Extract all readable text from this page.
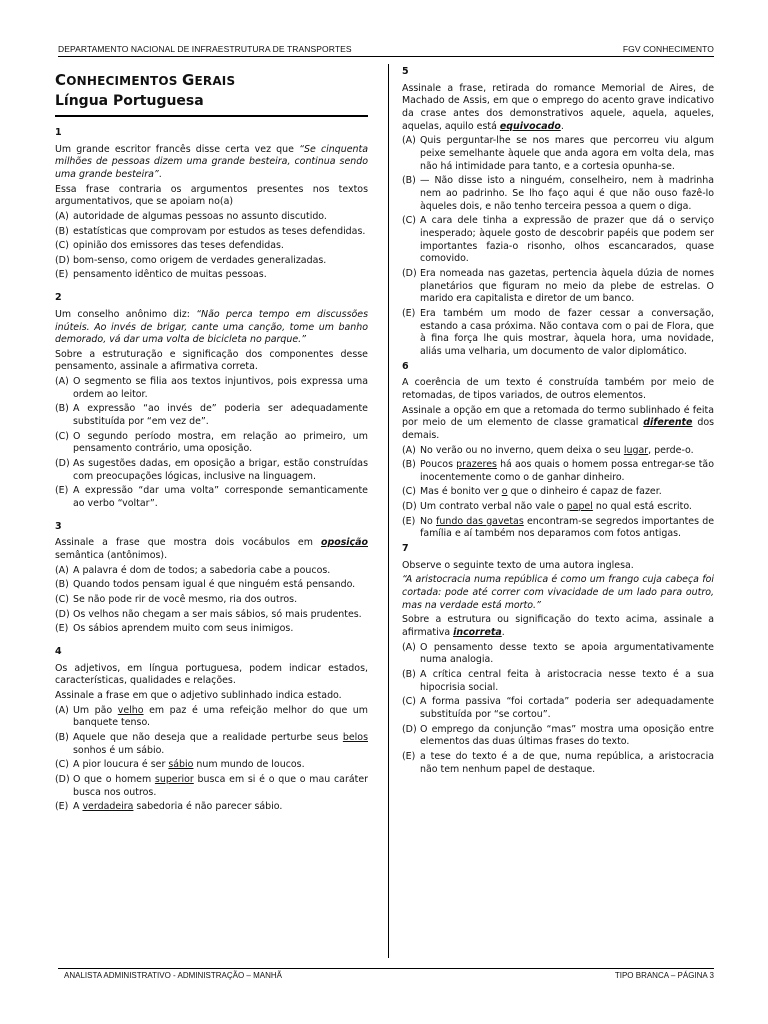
DEPARTAMENTO NACIONAL DE INFRAESTRUTURA DE TRANSPORTES	FGV CONHECIMENTO
CONHECIMENTOS GERAIS
Língua Portuguesa
1

Um grande escritor francês disse certa vez que “Se cinquenta milhões de pessoas dizem uma grande besteira, continua sendo uma grande besteira”.

Essa frase contraria os argumentos presentes nos textos argumentativos, que se apoiam no(a)

(A) autoridade de algumas pessoas no assunto discutido.
(B) estatísticas que comprovam por estudos as teses defendidas.
(C) opinião dos emissores das teses defendidas.
(D) bom-senso, como origem de verdades generalizadas.
(E) pensamento idêntico de muitas pessoas.
2

Um conselho anônimo diz: “Não perca tempo em discussões inúteis. Ao invés de brigar, cante uma canção, tome um banho demorado, vá dar uma volta de bicicleta no parque.”

Sobre a estruturação e significação dos componentes desse pensamento, assinale a afirmativa correta.

(A) O segmento se filia aos textos injuntivos, pois expressa uma ordem ao leitor.
(B) A expressão “ao invés de” poderia ser adequadamente substituída por “em vez de”.
(C) O segundo período mostra, em relação ao primeiro, um pensamento contrário, uma oposição.
(D) As sugestões dadas, em oposição a brigar, estão construídas com preocupações lógicas, inclusive na linguagem.
(E) A expressão “dar uma volta” corresponde semanticamente ao verbo “voltar”.
3

Assinale a frase que mostra dois vocábulos em oposição semântica (antônimos).

(A) A palavra é dom de todos; a sabedoria cabe a poucos.
(B) Quando todos pensam igual é que ninguém está pensando.
(C) Se não pode rir de você mesmo, ria dos outros.
(D) Os velhos não chegam a ser mais sábios, só mais prudentes.
(E) Os sábios aprendem muito com seus inimigos.
4

Os adjetivos, em língua portuguesa, podem indicar estados, características, qualidades e relações.

Assinale a frase em que o adjetivo sublinhado indica estado.

(A) Um pão velho em paz é uma refeição melhor do que um banquete tenso.
(B) Aquele que não deseja que a realidade perturbe seus belos sonhos é um sábio.
(C) A pior loucura é ser sábio num mundo de loucos.
(D) O que o homem superior busca em si é o que o mau caráter busca nos outros.
(E) A verdadeira sabedoria é não parecer sábio.
5

Assinale a frase, retirada do romance Memorial de Aires, de Machado de Assis, em que o emprego do acento grave indicativo da crase antes dos demonstrativos aquele, aquela, aqueles, aquelas, aquilo está equivocado.

(A) Quis perguntar-lhe se nos mares que percorreu viu algum peixe semelhante àquele que anda agora em volta dela, mas não há intimidade para tanto, e a cortesia opunha-se.
(B) — Não disse isto a ninguém, conselheiro, nem à madrinha nem ao padrinho. Se lho faço aqui é que não ouso fazê-lo àqueles dois, e não tenho terceira pessoa a quem o diga.
(C) A cara dele tinha a expressão de prazer que dá o serviço inesperado; àquele gosto de descobrir papéis que podem ser importantes fazia-o risonho, olhos escancarados, quase comovido.
(D) Era nomeada nas gazetas, pertencia àquela dúzia de nomes planetários que figuram no meio da plebe de estrelas. O marido era capitalista e diretor de um banco.
(E) Era também um modo de fazer cessar a conversação, estando a casa próxima. Não contava com o pai de Flora, que à fina força lhe quis mostrar, àquela hora, uma novidade, aliás uma velharia, um documento de valor diplomático.
6

A coerência de um texto é construída também por meio de retomadas, de tipos variados, de outros elementos.

Assinale a opção em que a retomada do termo sublinhado é feita por meio de um elemento de classe gramatical diferente dos demais.

(A) No verão ou no inverno, quem deixa o seu lugar, perde-o.
(B) Poucos prazeres há aos quais o homem possa entregar-se tão inocentemente como o de ganhar dinheiro.
(C) Mas é bonito ver o que o dinheiro é capaz de fazer.
(D) Um contrato verbal não vale o papel no qual está escrito.
(E) No fundo das gavetas encontram-se segredos importantes de família e aí também nos deparamos com fotos antigas.
7

Observe o seguinte texto de uma autora inglesa.

“A aristocracia numa república é como um frango cuja cabeça foi cortada: pode até correr com vivacidade de um lado para outro, mas na verdade está morto.”

Sobre a estrutura ou significação do texto acima, assinale a afirmativa incorreta.

(A) O pensamento desse texto se apoia argumentativamente numa analogia.
(B) A crítica central feita à aristocracia nesse texto é a sua hipocrisia social.
(C) A forma passiva “foi cortada” poderia ser adequadamente substituída por “se cortou”.
(D) O emprego da conjunção “mas” mostra uma oposição entre elementos das duas últimas frases do texto.
(E) a tese do texto é a de que, numa república, a aristocracia não tem nenhum papel de destaque.
ANALISTA ADMINISTRATIVO - ADMINISTRAÇÃO – MANHÃ	TIPO BRANCA – PÁGINA 3
